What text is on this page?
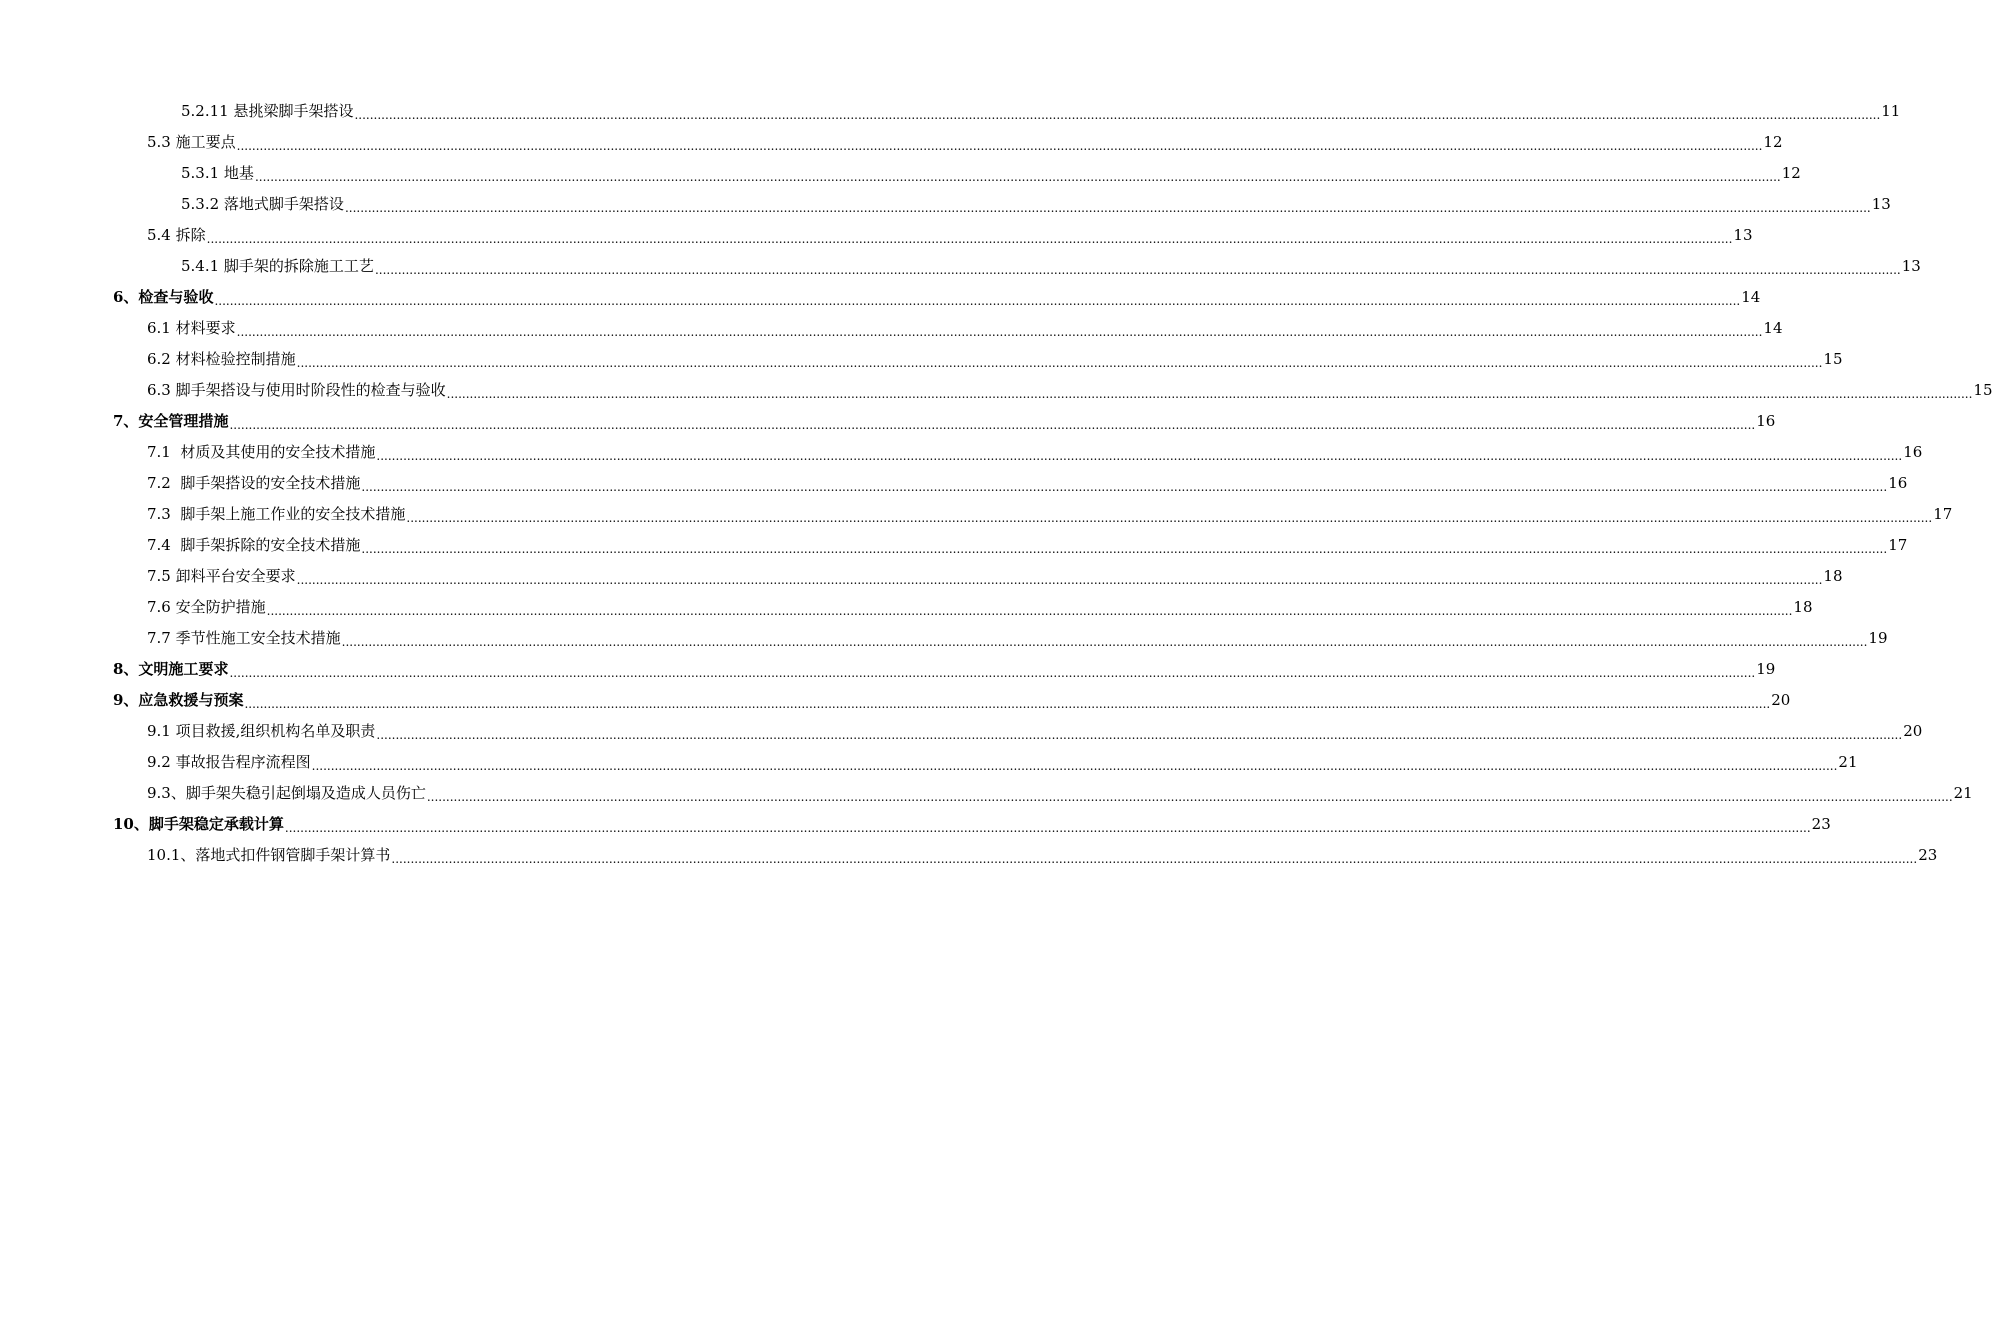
5.2.11 悬挑梁脚手架搭设 ................................................................................................................................................................................................................................................................................................................................................................................................................ 11
5.3 施工要点 ................................................................................................................................................................................................................................................................................................................................................................................................................ 12
5.3.1 地基 ................................................................................................................................................................................................................................................................................................................................................................................................................ 12
5.3.2 落地式脚手架搭设 ................................................................................................................................................................................................................................................................................................................................................................................................................ 13
5.4 拆除 ................................................................................................................................................................................................................................................................................................................................................................................................................ 13
5.4.1 脚手架的拆除施工工艺 ................................................................................................................................................................................................................................................................................................................................................................................................................ 13
6、检查与验收 ................................................................................................................................................................................................................................................................................................................................................................................................................ 14
6.1 材料要求 ................................................................................................................................................................................................................................................................................................................................................................................................................ 14
6.2 材料检验控制措施 ................................................................................................................................................................................................................................................................................................................................................................................................................ 15
6.3 脚手架搭设与使用时阶段性的检查与验收 ................................................................................................................................................................................................................................................................................................................................................................................................................ 15
7、安全管理措施 ................................................................................................................................................................................................................................................................................................................................................................................................................ 16
7.1  材质及其使用的安全技术措施 ................................................................................................................................................................................................................................................................................................................................................................................................................ 16
7.2  脚手架搭设的安全技术措施 ................................................................................................................................................................................................................................................................................................................................................................................................................ 16
7.3  脚手架上施工作业的安全技术措施 ................................................................................................................................................................................................................................................................................................................................................................................................................ 17
7.4  脚手架拆除的安全技术措施 ................................................................................................................................................................................................................................................................................................................................................................................................................ 17
7.5 卸料平台安全要求 ................................................................................................................................................................................................................................................................................................................................................................................................................ 18
7.6 安全防护措施 ................................................................................................................................................................................................................................................................................................................................................................................................................ 18
7.7 季节性施工安全技术措施 ................................................................................................................................................................................................................................................................................................................................................................................................................ 19
8、文明施工要求 ................................................................................................................................................................................................................................................................................................................................................................................................................ 19
9、应急救援与预案 ................................................................................................................................................................................................................................................................................................................................................................................................................ 20
9.1 项目救援,组织机构名单及职责 ................................................................................................................................................................................................................................................................................................................................................................................................................ 20
9.2 事故报告程序流程图 ................................................................................................................................................................................................................................................................................................................................................................................................................ 21
9.3、脚手架失稳引起倒塌及造成人员伤亡 ................................................................................................................................................................................................................................................................................................................................................................................................................ 21
10、脚手架稳定承载计算 ................................................................................................................................................................................................................................................................................................................................................................................................................ 23
10.1、落地式扣件钢管脚手架计算书 ................................................................................................................................................................................................................................................................................................................................................................................................................ 23
